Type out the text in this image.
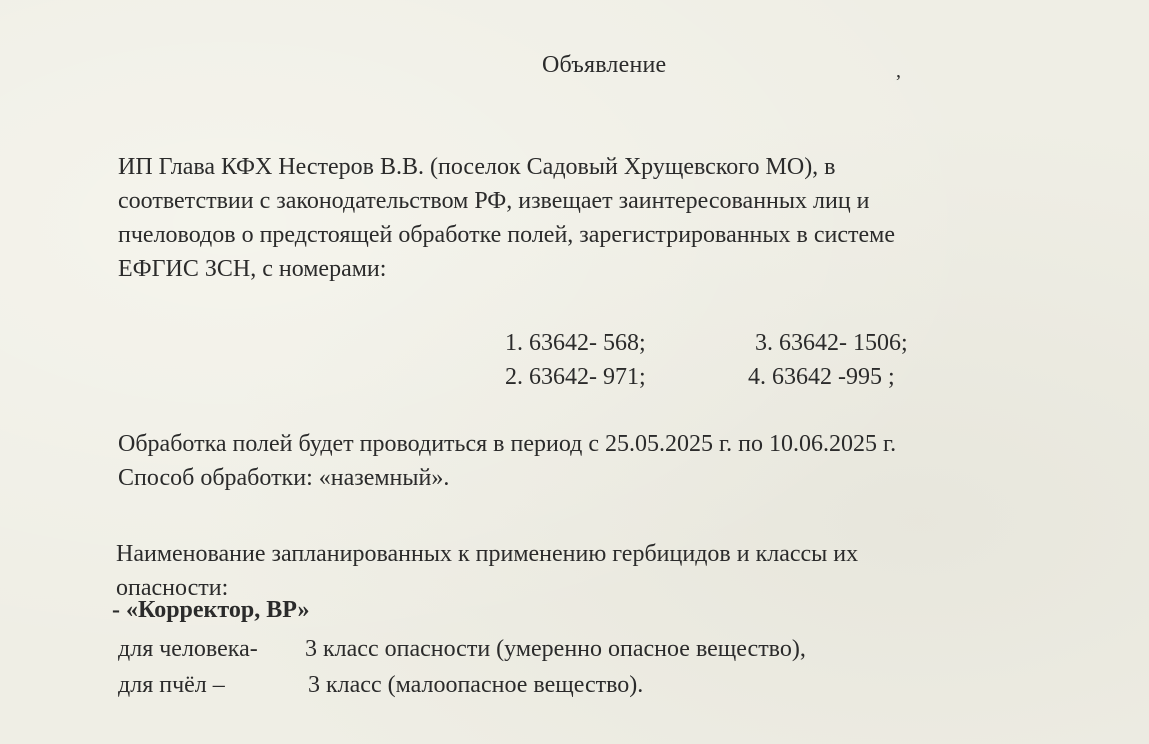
Объявление	,
ИП Глава КФХ Нестеров В.В. (поселок Садовый Хрущевского МО), в
соответствии с законодательством РФ, извещает заинтересованных лиц и
пчеловодов о предстоящей обработке полей, зарегистрированных в системе
ЕФГИС ЗСН, с номерами:
1. 63642- 568;	3. 63642- 1506;
2. 63642- 971;	4. 63642 -995 ;
Обработка полей будет проводиться в период с 25.05.2025 г. по 10.06.2025 г.
Способ обработки: «наземный».
Наименование запланированных к применению гербицидов и классы их
опасности:
- «Корректор, ВР»
для человека-	3 класс опасности (умеренно опасное вещество),
для пчёл –	3 класс (малоопасное вещество).
